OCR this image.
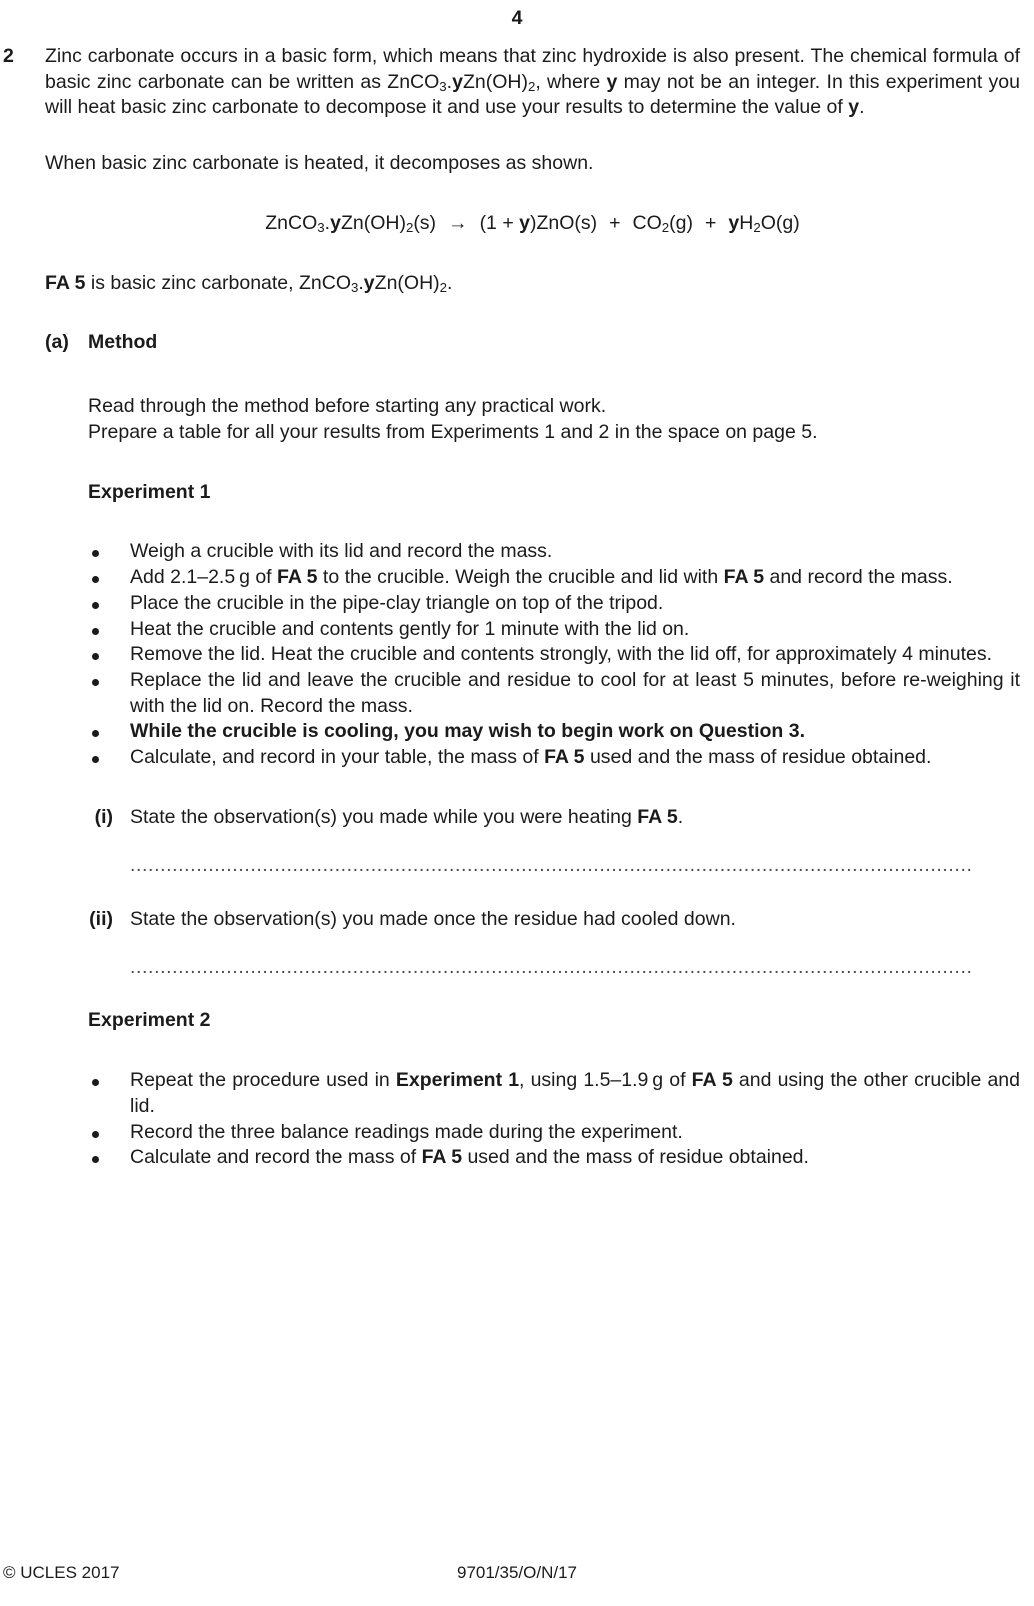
4
2 Zinc carbonate occurs in a basic form, which means that zinc hydroxide is also present. The chemical formula of basic zinc carbonate can be written as $ZnCO_3.yZn(OH)_2$, where y may not be an integer. In this experiment you will heat basic zinc carbonate to decompose it and use your results to determine the value of y.
When basic zinc carbonate is heated, it decomposes as shown.
$ZnCO_3.yZn(OH)_2(s) \to (1 + y)ZnO(s) + CO_2(g) + yH_2O(g)$
FA 5 is basic zinc carbonate, $ZnCO_3.yZn(OH)_2$.
(a) Method
Read through the method before starting any practical work.
Prepare a table for all your results from Experiments 1 and 2 in the space on page 5.
Experiment 1
Weigh a crucible with its lid and record the mass.
Add 2.1–2.5 g of FA 5 to the crucible. Weigh the crucible and lid with FA 5 and record the mass.
Place the crucible in the pipe-clay triangle on top of the tripod.
Heat the crucible and contents gently for 1 minute with the lid on.
Remove the lid. Heat the crucible and contents strongly, with the lid off, for approximately 4 minutes.
Replace the lid and leave the crucible and residue to cool for at least 5 minutes, before re-weighing it with the lid on. Record the mass.
While the crucible is cooling, you may wish to begin work on Question 3.
Calculate, and record in your table, the mass of FA 5 used and the mass of residue obtained.
(i) State the observation(s) you made while you were heating FA 5.
............................................................................................................................................
(ii) State the observation(s) you made once the residue had cooled down.
............................................................................................................................................
Experiment 2
Repeat the procedure used in Experiment 1, using 1.5–1.9 g of FA 5 and using the other crucible and lid.
Record the three balance readings made during the experiment.
Calculate and record the mass of FA 5 used and the mass of residue obtained.
© UCLES 2017	9701/35/O/N/17
